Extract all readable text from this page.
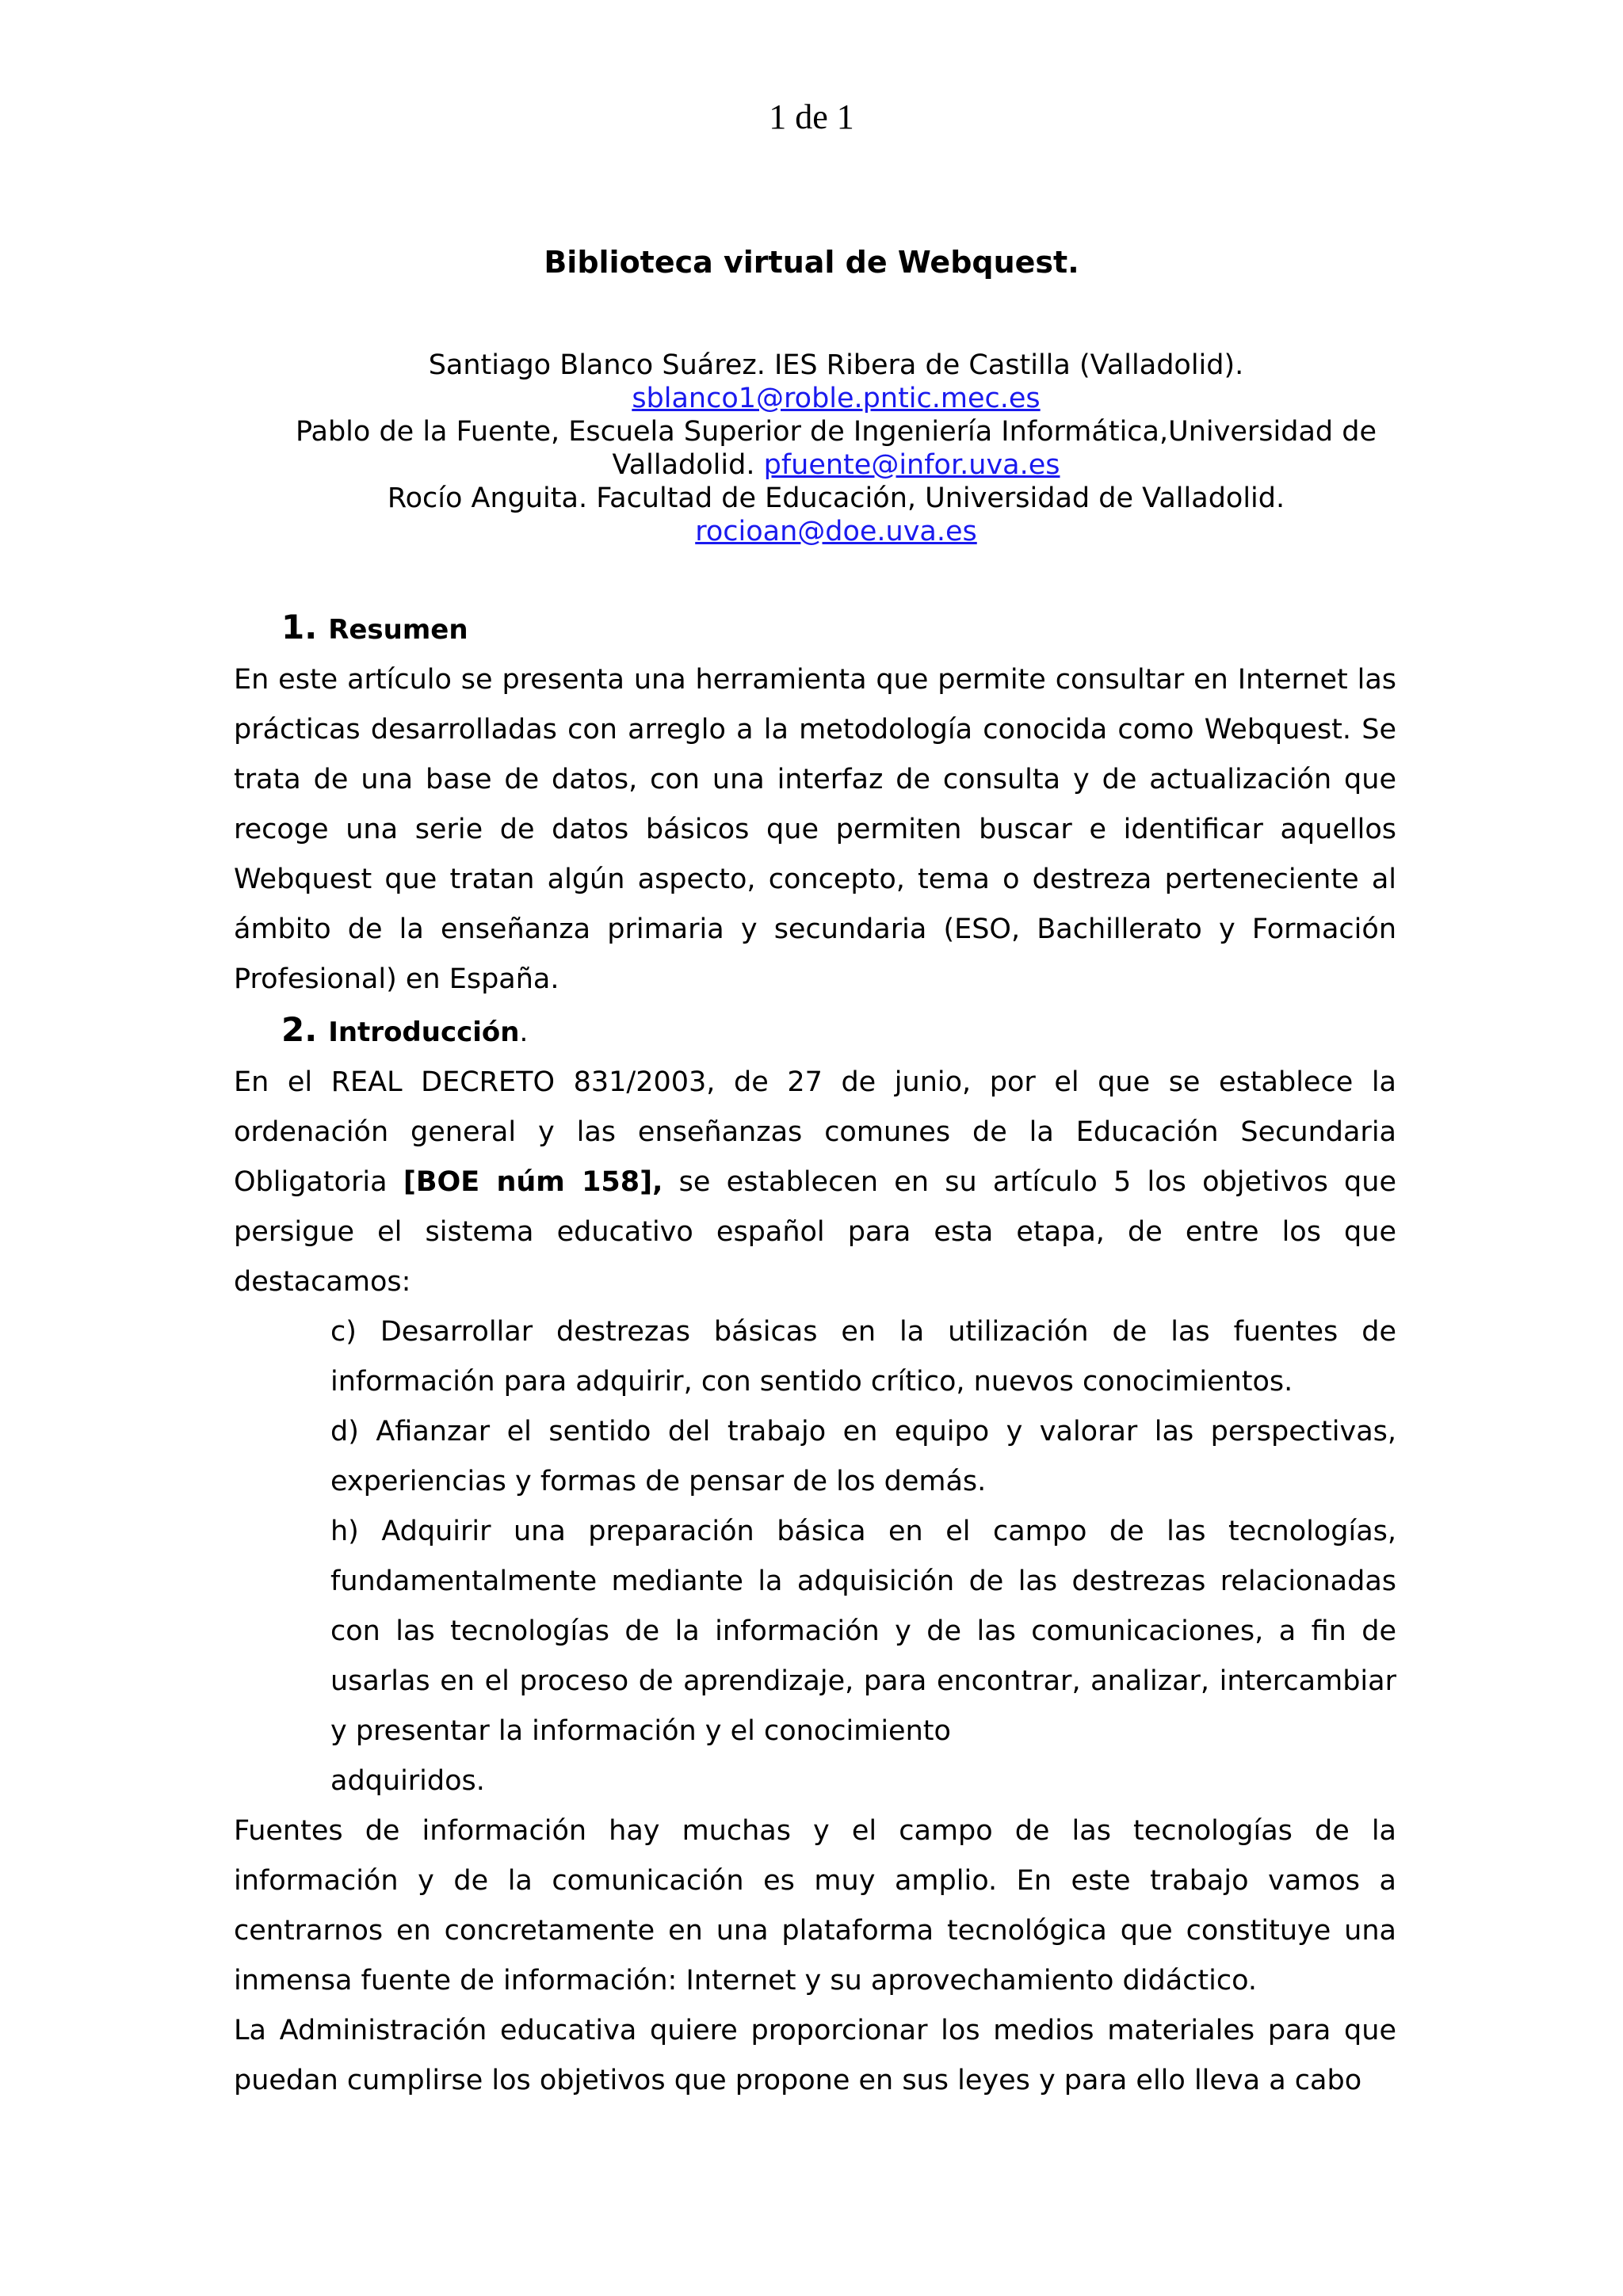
1 de 1
Biblioteca virtual de Webquest.
Santiago Blanco Suárez. IES Ribera de Castilla (Valladolid).
sblanco1@roble.pntic.mec.es
Pablo de la Fuente, Escuela Superior de Ingeniería Informática,Universidad de
Valladolid. pfuente@infor.uva.es
Rocío Anguita. Facultad de Educación, Universidad de Valladolid.
rocioan@doe.uva.es
1. Resumen

En este artículo se presenta una herramienta que permite consultar en Internet las prácticas desarrolladas con arreglo a la metodología conocida como Webquest. Se trata de una base de datos, con una interfaz de consulta y de actualización que recoge una serie de datos básicos que permiten buscar e identificar aquellos Webquest que tratan algún aspecto, concepto, tema o destreza perteneciente al ámbito de la enseñanza primaria y secundaria (ESO, Bachillerato y Formación Profesional) en España.

2. Introducción.

En el REAL DECRETO 831/2003, de 27 de junio, por el que se establece la ordenación general y las enseñanzas comunes de la Educación Secundaria Obligatoria [BOE núm 158], se establecen en su artículo 5 los objetivos que persigue el sistema educativo español para esta etapa, de entre los que destacamos:

c) Desarrollar destrezas básicas en la utilización de las fuentes de información para adquirir, con sentido crítico, nuevos conocimientos.

d) Afianzar el sentido del trabajo en equipo y valorar las perspectivas, experiencias y formas de pensar de los demás.

h) Adquirir una preparación básica en el campo de las tecnologías, fundamentalmente mediante la adquisición de las destrezas relacionadas con las tecnologías de la información y de las comunicaciones, a fin de usarlas en el proceso de aprendizaje, para encontrar, analizar, intercambiar y presentar la información y el conocimiento

adquiridos.

Fuentes de información hay muchas y el campo de las tecnologías de la información y de la comunicación es muy amplio. En este trabajo vamos a centrarnos en concretamente en una plataforma tecnológica que constituye una inmensa fuente de información: Internet y su aprovechamiento didáctico.

La Administración educativa quiere proporcionar los medios materiales para que puedan cumplirse los objetivos que propone en sus leyes y para ello lleva a cabo
